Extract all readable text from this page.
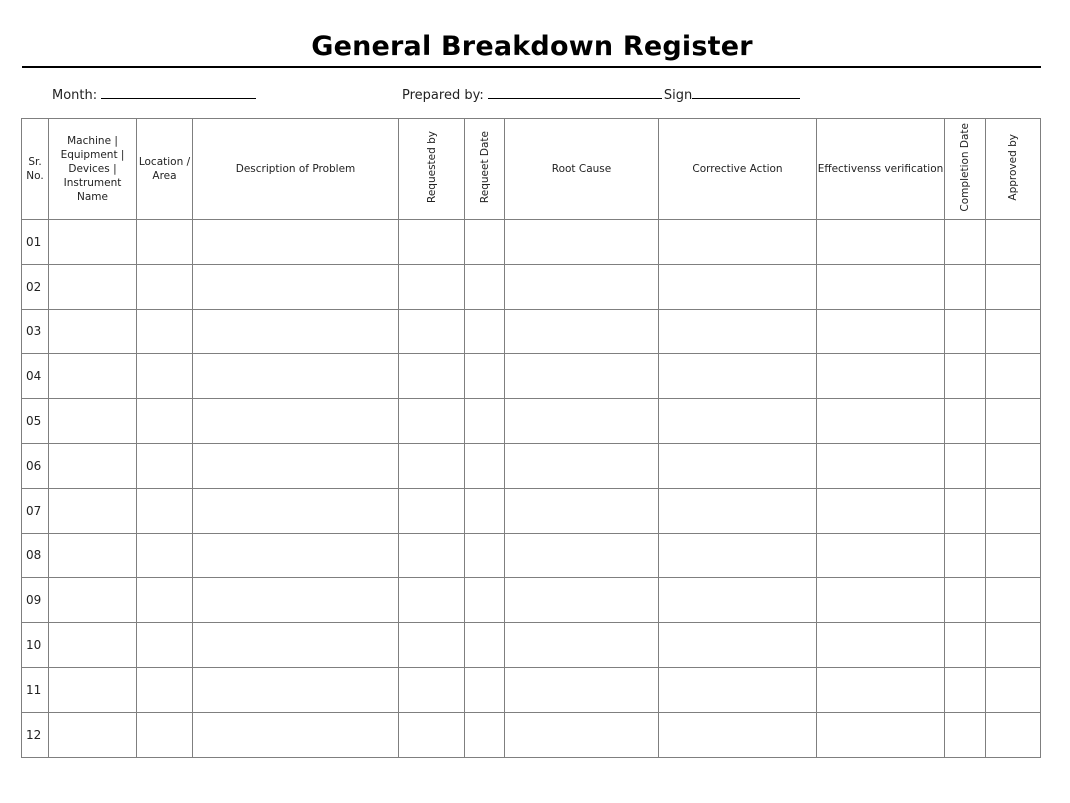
General Breakdown Register
Month:	Prepared by:	Sign
Sr. No.	Machine | Equipment | Devices | Instrument Name	Location / Area	Description of Problem	Requested by	Requeet Date	Root Cause	Corrective Action	Effectivenss verification	Completion Date	Approved by
01										
02										
03										
04										
05										
06										
07										
08										
09										
10										
11										
12										
